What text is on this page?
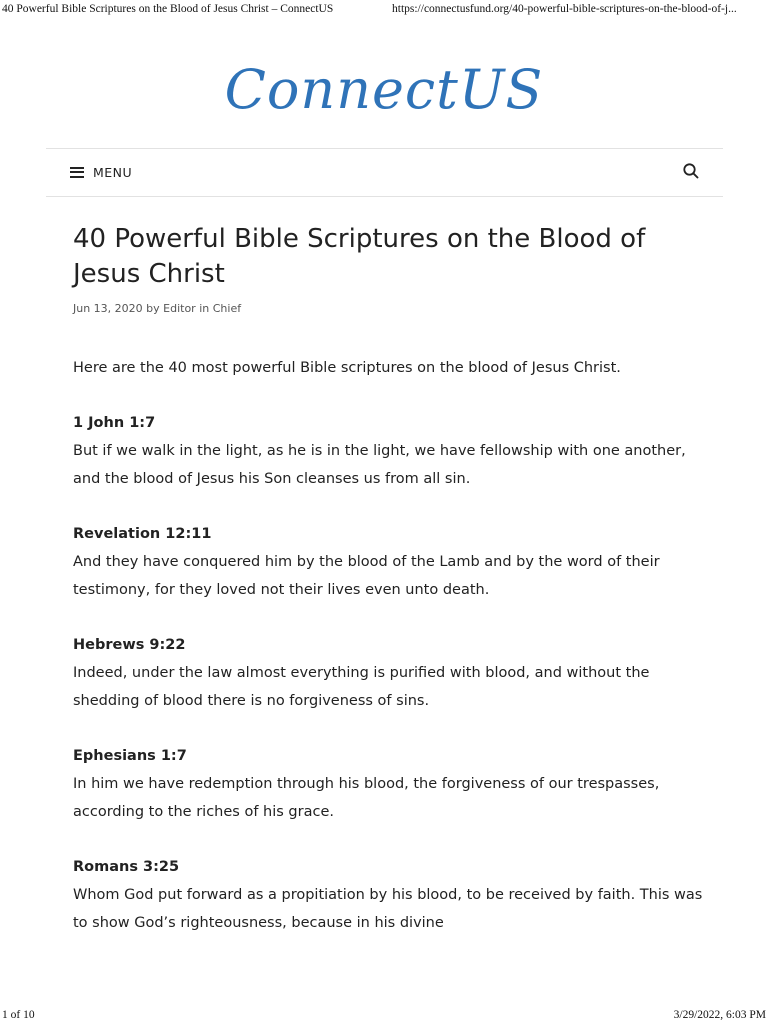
40 Powerful Bible Scriptures on the Blood of Jesus Christ – ConnectUS	https://connectusfund.org/40-powerful-bible-scriptures-on-the-blood-of-j...
ConnectUS
MENU
40 Powerful Bible Scriptures on the Blood of Jesus Christ
Jun 13, 2020 by Editor in Chief

Here are the 40 most powerful Bible scriptures on the blood of Jesus Christ.

1 John 1:7
But if we walk in the light, as he is in the light, we have fellowship with one another, and the blood of Jesus his Son cleanses us from all sin.
Revelation 12:11
And they have conquered him by the blood of the Lamb and by the word of their testimony, for they loved not their lives even unto death.
Hebrews 9:22
Indeed, under the law almost everything is purified with blood, and without the shedding of blood there is no forgiveness of sins.
Ephesians 1:7
In him we have redemption through his blood, the forgiveness of our trespasses, according to the riches of his grace.
Romans 3:25
Whom God put forward as a propitiation by his blood, to be received by faith. This was to show God’s righteousness, because in his divine
1 of 10	3/29/2022, 6:03 PM
